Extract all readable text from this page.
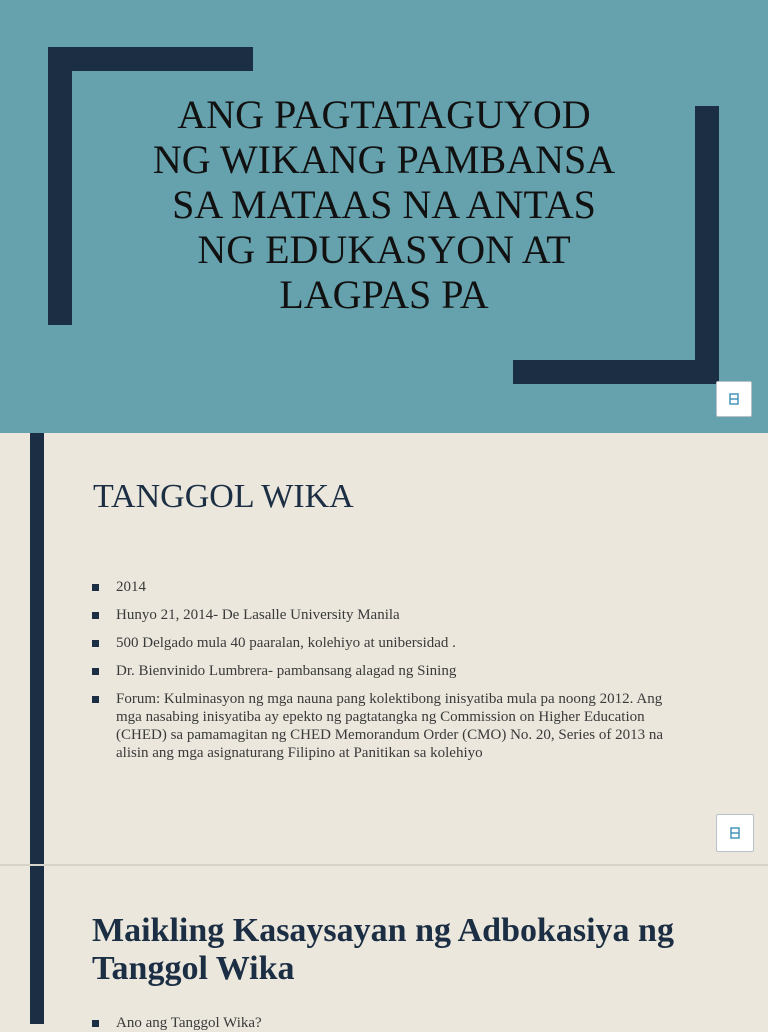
ANG PAGTATAGUYOD
NG WIKANG PAMBANSA
SA MATAAS NA ANTAS
NG EDUKASYON AT
LAGPAS PA
TANGGOL WIKA
2014
Hunyo 21, 2014- De Lasalle University Manila
500 Delgado mula 40 paaralan, kolehiyo at unibersidad .
Dr. Bienvinido Lumbrera- pambansang alagad ng Sining
Forum: Kulminasyon ng mga nauna pang kolektibong inisyatiba mula pa noong 2012. Ang mga nasabing inisyatiba ay epekto ng pagtatangka ng Commission on Higher Education (CHED) sa pamamagitan ng CHED Memorandum Order (CMO) No. 20, Series of 2013 na alisin ang mga asignaturang Filipino at Panitikan sa kolehiyo
Maikling Kasaysayan ng Adbokasiya ng Tanggol Wika
Ano ang Tanggol Wika?
